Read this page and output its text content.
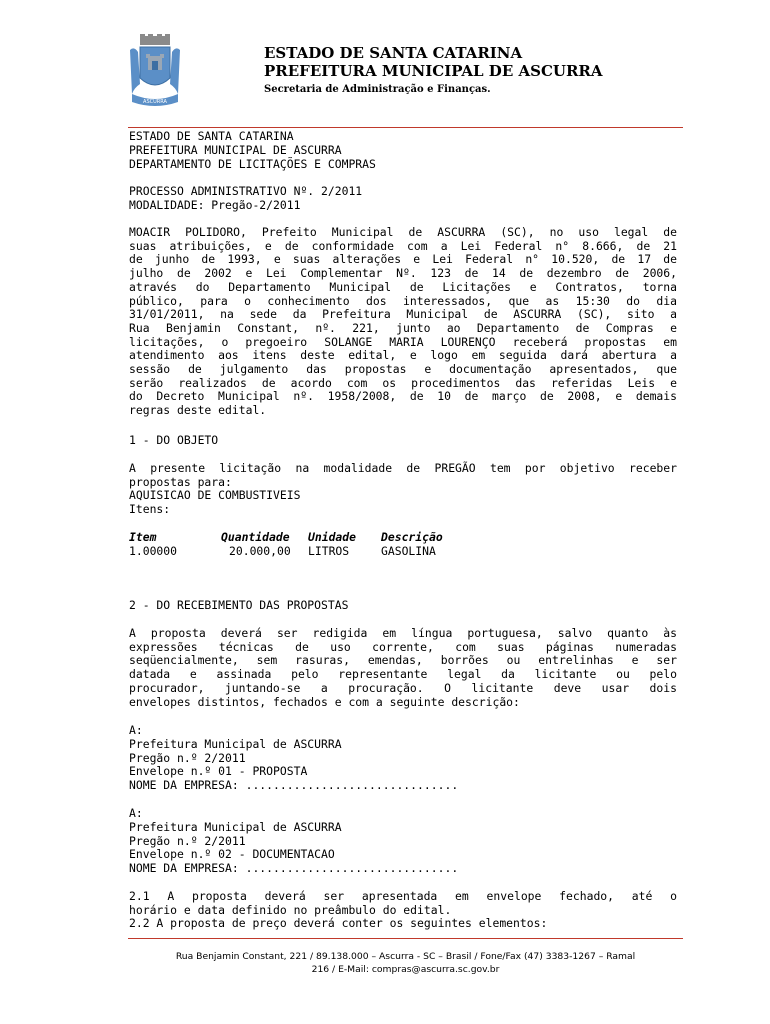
ASCURRA
ESTADO DE SANTA CATARINA
PREFEITURA MUNICIPAL DE ASCURRA
Secretaria de Administração e Finanças.
ESTADO DE SANTA CATARINA
PREFEITURA MUNICIPAL DE ASCURRA
DEPARTAMENTO DE LICITAÇÕES E COMPRAS
PROCESSO ADMINISTRATIVO Nº. 2/2011
MODALIDADE: Pregão-2/2011
MOACIR POLIDORO, Prefeito Municipal de ASCURRA (SC), no uso legal de
suas atribuições, e de conformidade com a Lei Federal n° 8.666, de 21
de junho de 1993, e suas alterações e Lei Federal n° 10.520, de 17 de
julho de 2002 e Lei Complementar Nº. 123 de 14 de dezembro de 2006,
através do Departamento Municipal de Licitações e Contratos, torna
público, para o conhecimento dos interessados, que as 15:30 do dia
31/01/2011, na sede da Prefeitura Municipal de ASCURRA (SC), sito a
Rua Benjamin Constant, nº. 221, junto ao Departamento de Compras e
licitações, o pregoeiro SOLANGE MARIA LOURENÇO receberá propostas em
atendimento aos itens deste edital, e logo em seguida dará abertura a
sessão de julgamento das propostas e documentação apresentados, que
serão realizados de acordo com os procedimentos das referidas Leis e
do Decreto Municipal nº. 1958/2008, de 10 de março de 2008, e demais
regras deste edital.
1 - DO OBJETO
A presente licitação na modalidade de PREGÃO tem por objetivo receber
propostas para:
AQUISICAO DE COMBUSTIVEIS
Itens:
Item	Quantidade Unidade Descrição
1.00000	20.000,00 LITROS	GASOLINA
2 - DO RECEBIMENTO DAS PROPOSTAS
A proposta deverá ser redigida em língua portuguesa, salvo quanto às
expressões técnicas de uso corrente, com suas páginas numeradas
seqüencialmente, sem rasuras, emendas, borrões ou entrelinhas e ser
datada e assinada pelo representante legal da licitante ou pelo
procurador, juntando-se a procuração. O licitante deve usar dois
envelopes distintos, fechados e com a seguinte descrição:
A:
Prefeitura Municipal de ASCURRA
Pregão n.º 2/2011
Envelope n.º 01 - PROPOSTA
NOME DA EMPRESA: ...............................
A:
Prefeitura Municipal de ASCURRA
Pregão n.º 2/2011
Envelope n.º 02 - DOCUMENTACAO
NOME DA EMPRESA: ...............................
2.1 A proposta deverá ser apresentada em envelope fechado, até o
horário e data definido no preâmbulo do edital.
2.2 A proposta de preço deverá conter os seguintes elementos:
Rua Benjamin Constant, 221 / 89.138.000 – Ascurra - SC – Brasil / Fone/Fax (47) 3383-1267 – Ramal
216 / E-Mail: compras@ascurra.sc.gov.br
